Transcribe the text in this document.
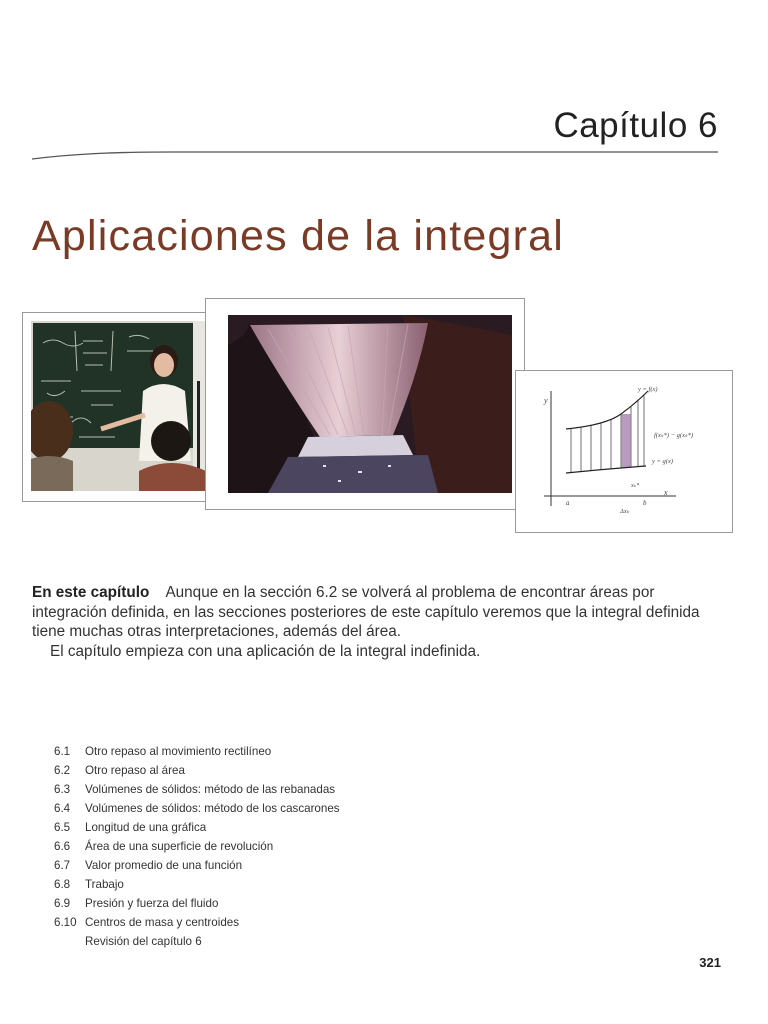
Capítulo 6
Aplicaciones de la integral
y
x
y = f(x)
f(xₖ*) − g(xₖ*)
y = g(x)
a	b
Δxₖ
xₖ*

En este capítulo Aunque en la sección 6.2 se volverá al problema de encontrar áreas por integración definida, en las secciones posteriores de este capítulo veremos que la integral definida tiene muchas otras interpretaciones, además del área.

El capítulo empieza con una aplicación de la integral indefinida.

6.1 Otro repaso al movimiento rectilíneo
6.2 Otro repaso al área
6.3 Volúmenes de sólidos: método de las rebanadas
6.4 Volúmenes de sólidos: método de los cascarones
6.5 Longitud de una gráfica
6.6 Área de una superficie de revolución
6.7 Valor promedio de una función
6.8 Trabajo
6.9 Presión y fuerza del fluido
6.10 Centros de masa y centroides
Revisión del capítulo 6
321
